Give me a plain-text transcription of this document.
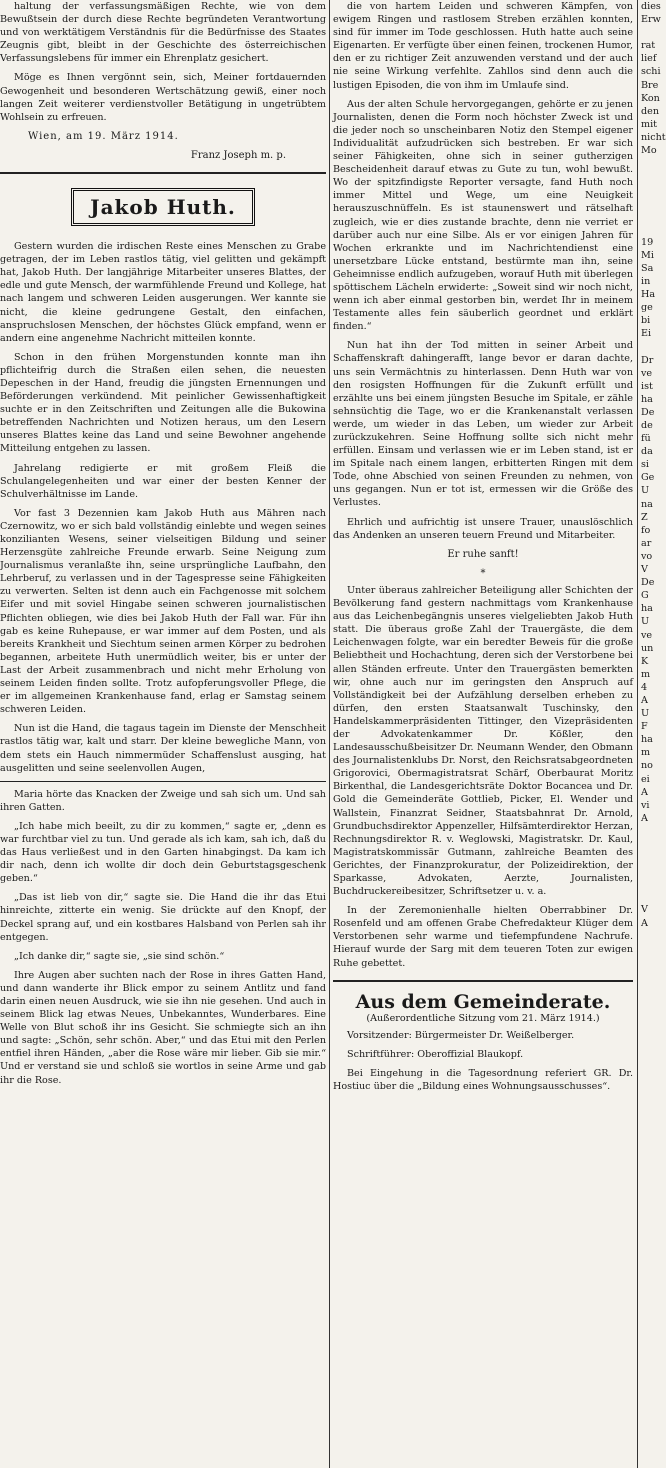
haltung der verfassungsmäßigen Rechte, wie von dem Bewußtsein der durch diese Rechte begründeten Verantwortung und von werktätigem Verständnis für die Bedürfnisse des Staates Zeugnis gibt, bleibt in der Geschichte des österreichischen Verfassungslebens für immer ein Ehrenplatz gesichert.

Möge es Ihnen vergönnt sein, sich, Meiner fortdauernden Gewogenheit und besonderen Wertschätzung gewiß, einer noch langen Zeit weiterer verdienstvoller Betätigung in ungetrübtem Wohlsein zu erfreuen.

Wien, am 19. März 1914.

Franz Joseph m. p.

Jakob Huth.

Gestern wurden die irdischen Reste eines Menschen zu Grabe getragen, der im Leben rastlos tätig, viel gelitten und gekämpft hat, Jakob Huth. Der langjährige Mitarbeiter unseres Blattes, der edle und gute Mensch, der warmfühlende Freund und Kollege, hat nach langem und schweren Leiden ausgerungen. Wer kannte sie nicht, die kleine gedrungene Gestalt, den einfachen, anspruchslosen Menschen, der höchstes Glück empfand, wenn er andern eine angenehme Nachricht mitteilen konnte.

Schon in den frühen Morgenstunden konnte man ihn pflichteifrig durch die Straßen eilen sehen, die neuesten Depeschen in der Hand, freudig die jüngsten Ernennungen und Beförderungen verkündend. Mit peinlicher Gewissenhaftigkeit suchte er in den Zeitschriften und Zeitungen alle die Bukowina betreffenden Nachrichten und Notizen heraus, um den Lesern unseres Blattes keine das Land und seine Bewohner angehende Mitteilung entgehen zu lassen.

Jahrelang redigierte er mit großem Fleiß die Schulangelegenheiten und war einer der besten Kenner der Schulverhältnisse im Lande.

Vor fast 3 Dezennien kam Jakob Huth aus Mähren nach Czernowitz, wo er sich bald vollständig einlebte und wegen seines konzilianten Wesens, seiner vielseitigen Bildung und seiner Herzensgüte zahlreiche Freunde erwarb. Seine Neigung zum Journalismus veranlaßte ihn, seine ursprüngliche Laufbahn, den Lehrberuf, zu verlassen und in der Tagespresse seine Fähigkeiten zu verwerten. Selten ist denn auch ein Fachgenosse mit solchem Eifer und mit soviel Hingabe seinen schweren journalistischen Pflichten obliegen, wie dies bei Jakob Huth der Fall war. Für ihn gab es keine Ruhepause, er war immer auf dem Posten, und als bereits Krankheit und Siechtum seinen armen Körper zu bedrohen begannen, arbeitete Huth unermüdlich weiter, bis er unter der Last der Arbeit zusammenbrach und nicht mehr Erholung von seinem Leiden finden sollte. Trotz aufopferungsvoller Pflege, die er im allgemeinen Krankenhause fand, erlag er Samstag seinem schweren Leiden.

Nun ist die Hand, die tagaus tagein im Dienste der Menschheit rastlos tätig war, kalt und starr. Der kleine bewegliche Mann, von dem stets ein Hauch nimmermüder Schaffenslust ausging, hat ausgelitten und seine seelenvollen Augen,

Maria hörte das Knacken der Zweige und sah sich um. Und sah ihren Gatten.

„Ich habe mich beeilt, zu dir zu kommen,“ sagte er, „denn es war furchtbar viel zu tun. Und gerade als ich kam, sah ich, daß du das Haus verließest und in den Garten hinabgingst. Da kam ich dir nach, denn ich wollte dir doch dein Geburtstagsgeschenk geben.“

„Das ist lieb von dir,“ sagte sie. Die Hand die ihr das Etui hinreichte, zitterte ein wenig. Sie drückte auf den Knopf, der Deckel sprang auf, und ein kostbares Halsband von Perlen sah ihr entgegen.

„Ich danke dir,“ sagte sie, „sie sind schön.“

Ihre Augen aber suchten nach der Rose in ihres Gatten Hand, und dann wanderte ihr Blick empor zu seinem Antlitz und fand darin einen neuen Ausdruck, wie sie ihn nie gesehen. Und auch in seinem Blick lag etwas Neues, Unbekanntes, Wunderbares. Eine Welle von Blut schoß ihr ins Gesicht. Sie schmiegte sich an ihn und sagte: „Schön, sehr schön. Aber,“ und das Etui mit den Perlen entfiel ihren Händen, „aber die Rose wäre mir lieber. Gib sie mir.“ Und er verstand sie und schloß sie wortlos in seine Arme und gab ihr die Rose.

die von hartem Leiden und schweren Kämpfen, von ewigem Ringen und rastlosem Streben erzählen konnten, sind für immer im Tode geschlossen. Huth hatte auch seine Eigenarten. Er verfügte über einen feinen, trockenen Humor, den er zu richtiger Zeit anzuwenden verstand und der auch nie seine Wirkung verfehlte. Zahllos sind denn auch die lustigen Episoden, die von ihm im Umlaufe sind.

Aus der alten Schule hervorgegangen, gehörte er zu jenen Journalisten, denen die Form noch höchster Zweck ist und die jeder noch so unscheinbaren Notiz den Stempel eigener Individualität aufzudrücken sich bestreben. Er war sich seiner Fähigkeiten, ohne sich in seiner gutherzigen Bescheidenheit darauf etwas zu Gute zu tun, wohl bewußt. Wo der spitzfindigste Reporter versagte, fand Huth noch immer Mittel und Wege, um eine Neuigkeit herauszuschnüffeln. Es ist staunenswert und rätselhaft zugleich, wie er dies zustande brachte, denn nie verriet er darüber auch nur eine Silbe. Als er vor einigen Jahren für Wochen erkrankte und im Nachrichtendienst eine unersetzbare Lücke entstand, bestürmte man ihn, seine Geheimnisse endlich aufzugeben, worauf Huth mit überlegen spöttischem Lächeln erwiderte: „Soweit sind wir noch nicht, wenn ich aber einmal gestorben bin, werdet Ihr in meinem Testamente alles fein säuberlich geordnet und erklärt finden.“

Nun hat ihn der Tod mitten in seiner Arbeit und Schaffenskraft dahingerafft, lange bevor er daran dachte, uns sein Vermächtnis zu hinterlassen. Denn Huth war von den rosigsten Hoffnungen für die Zukunft erfüllt und erzählte uns bei einem jüngsten Besuche im Spitale, er zähle sehnsüchtig die Tage, wo er die Krankenanstalt verlassen werde, um wieder in das Leben, um wieder zur Arbeit zurückzukehren. Seine Hoffnung sollte sich nicht mehr erfüllen. Einsam und verlassen wie er im Leben stand, ist er im Spitale nach einem langen, erbitterten Ringen mit dem Tode, ohne Abschied von seinen Freunden zu nehmen, von uns gegangen. Nun er tot ist, ermessen wir die Größe des Verlustes.

Ehrlich und aufrichtig ist unsere Trauer, unauslöschlich das Andenken an unseren teuern Freund und Mitarbeiter.

Er ruhe sanft!

*

Unter überaus zahlreicher Beteiligung aller Schichten der Bevölkerung fand gestern nachmittags vom Krankenhause aus das Leichenbegängnis unseres vielgeliebten Jakob Huth statt. Die überaus große Zahl der Trauergäste, die dem Leichenwagen folgte, war ein beredter Beweis für die große Beliebtheit und Hochachtung, deren sich der Verstorbene bei allen Ständen erfreute. Unter den Trauergästen bemerkten wir, ohne auch nur im geringsten den Anspruch auf Vollständigkeit bei der Aufzählung derselben erheben zu dürfen, den ersten Staatsanwalt Tuschinsky, den Handelskammerpräsidenten Tittinger, den Vizepräsidenten der Advokatenkammer Dr. Kößler, den Landesausschußbeisitzer Dr. Neumann Wender, den Obmann des Journalistenklubs Dr. Norst, den Reichsratsabgeordneten Grigorovici, Obermagistratsrat Schärf, Oberbaurat Moritz Birkenthal, die Landesgerichtsräte Doktor Bocancea und Dr. Gold die Gemeinderäte Gottlieb, Picker, El. Wender und Wallstein, Finanzrat Seidner, Staatsbahnrat Dr. Arnold, Grundbuchsdirektor Appenzeller, Hilfsämterdirektor Herzan, Rechnungsdirektor R. v. Weglowski, Magistratskr. Dr. Kaul, Magistratskommissär Gutmann, zahlreiche Beamten des Gerichtes, der Finanzprokuratur, der Polizeidirektion, der Sparkasse, Advokaten, Aerzte, Journalisten, Buchdruckereibesitzer, Schriftsetzer u. v. a.

In der Zeremonienhalle hielten Oberrabbiner Dr. Rosenfeld und am offenen Grabe Chefredakteur Klüger dem Verstorbenen sehr warme und tiefempfundene Nachrufe. Hierauf wurde der Sarg mit dem teueren Toten zur ewigen Ruhe gebettet.

Aus dem Gemeinderate.

(Außerordentliche Sitzung vom 21. März 1914.)

Vorsitzender: Bürgermeister Dr. Weißelberger.

Schriftführer: Oberoffizial Blaukopf.

Bei Eingehung in die Tagesordnung referiert GR. Dr. Hostiuc über die „Bildung eines Wohnungsausschusses“.

dies
Erw

rat
lief
schi
Bre
Kon
den
mit
nicht
Mo

19
Mi
Sa
in
Ha
ge
bi
Ei

Dr
ve
ist
ha
De
de
fü
da
si
Ge
U
na
Z
fo
ar
vo
V
De
G
ha
U
ve
un
K
m
4
A
U
F
ha
m
no
ei
A
vi
A

V
A
